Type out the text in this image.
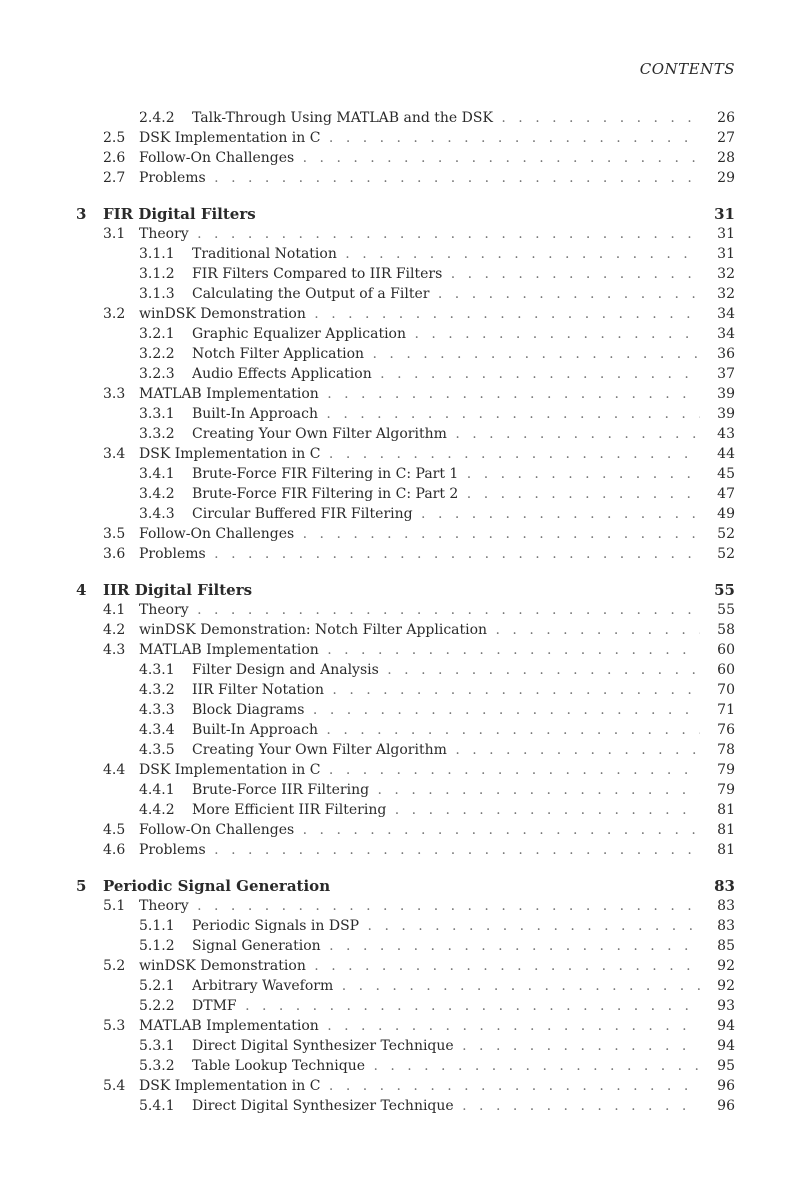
CONTENTS
2.4.2 Talk-Through Using MATLAB and the DSK . . .	26
2.5 DSK Implementation in C . . .	27
2.6 Follow-On Challenges . . .	28
2.7 Problems . . .	29
3 FIR Digital Filters	31
3.1 Theory . . .	31
3.1.1 Traditional Notation . . .	31
3.1.2 FIR Filters Compared to IIR Filters . . .	32
3.1.3 Calculating the Output of a Filter . . .	32
3.2 winDSK Demonstration . . .	34
3.2.1 Graphic Equalizer Application . . .	34
3.2.2 Notch Filter Application . . .	36
3.2.3 Audio Effects Application . . .	37
3.3 MATLAB Implementation . . .	39
3.3.1 Built-In Approach . . .	39
3.3.2 Creating Your Own Filter Algorithm . . .	43
3.4 DSK Implementation in C . . .	44
3.4.1 Brute-Force FIR Filtering in C: Part 1 . . .	45
3.4.2 Brute-Force FIR Filtering in C: Part 2 . . .	47
3.4.3 Circular Buffered FIR Filtering . . .	49
3.5 Follow-On Challenges . . .	52
3.6 Problems . . .	52
4 IIR Digital Filters	55
4.1 Theory . . .	55
4.2 winDSK Demonstration: Notch Filter Application . . .	58
4.3 MATLAB Implementation . . .	60
4.3.1 Filter Design and Analysis . . .	60
4.3.2 IIR Filter Notation . . .	70
4.3.3 Block Diagrams . . .	71
4.3.4 Built-In Approach . . .	76
4.3.5 Creating Your Own Filter Algorithm . . .	78
4.4 DSK Implementation in C . . .	79
4.4.1 Brute-Force IIR Filtering . . .	79
4.4.2 More Efficient IIR Filtering . . .	81
4.5 Follow-On Challenges . . .	81
4.6 Problems . . .	81
5 Periodic Signal Generation	83
5.1 Theory . . .	83
5.1.1 Periodic Signals in DSP . . .	83
5.1.2 Signal Generation . . .	85
5.2 winDSK Demonstration . . .	92
5.2.1 Arbitrary Waveform . . .	92
5.2.2 DTMF . . .	93
5.3 MATLAB Implementation . . .	94
5.3.1 Direct Digital Synthesizer Technique . . .	94
5.3.2 Table Lookup Technique . . .	95
5.4 DSK Implementation in C . . .	96
5.4.1 Direct Digital Synthesizer Technique . . .	96
